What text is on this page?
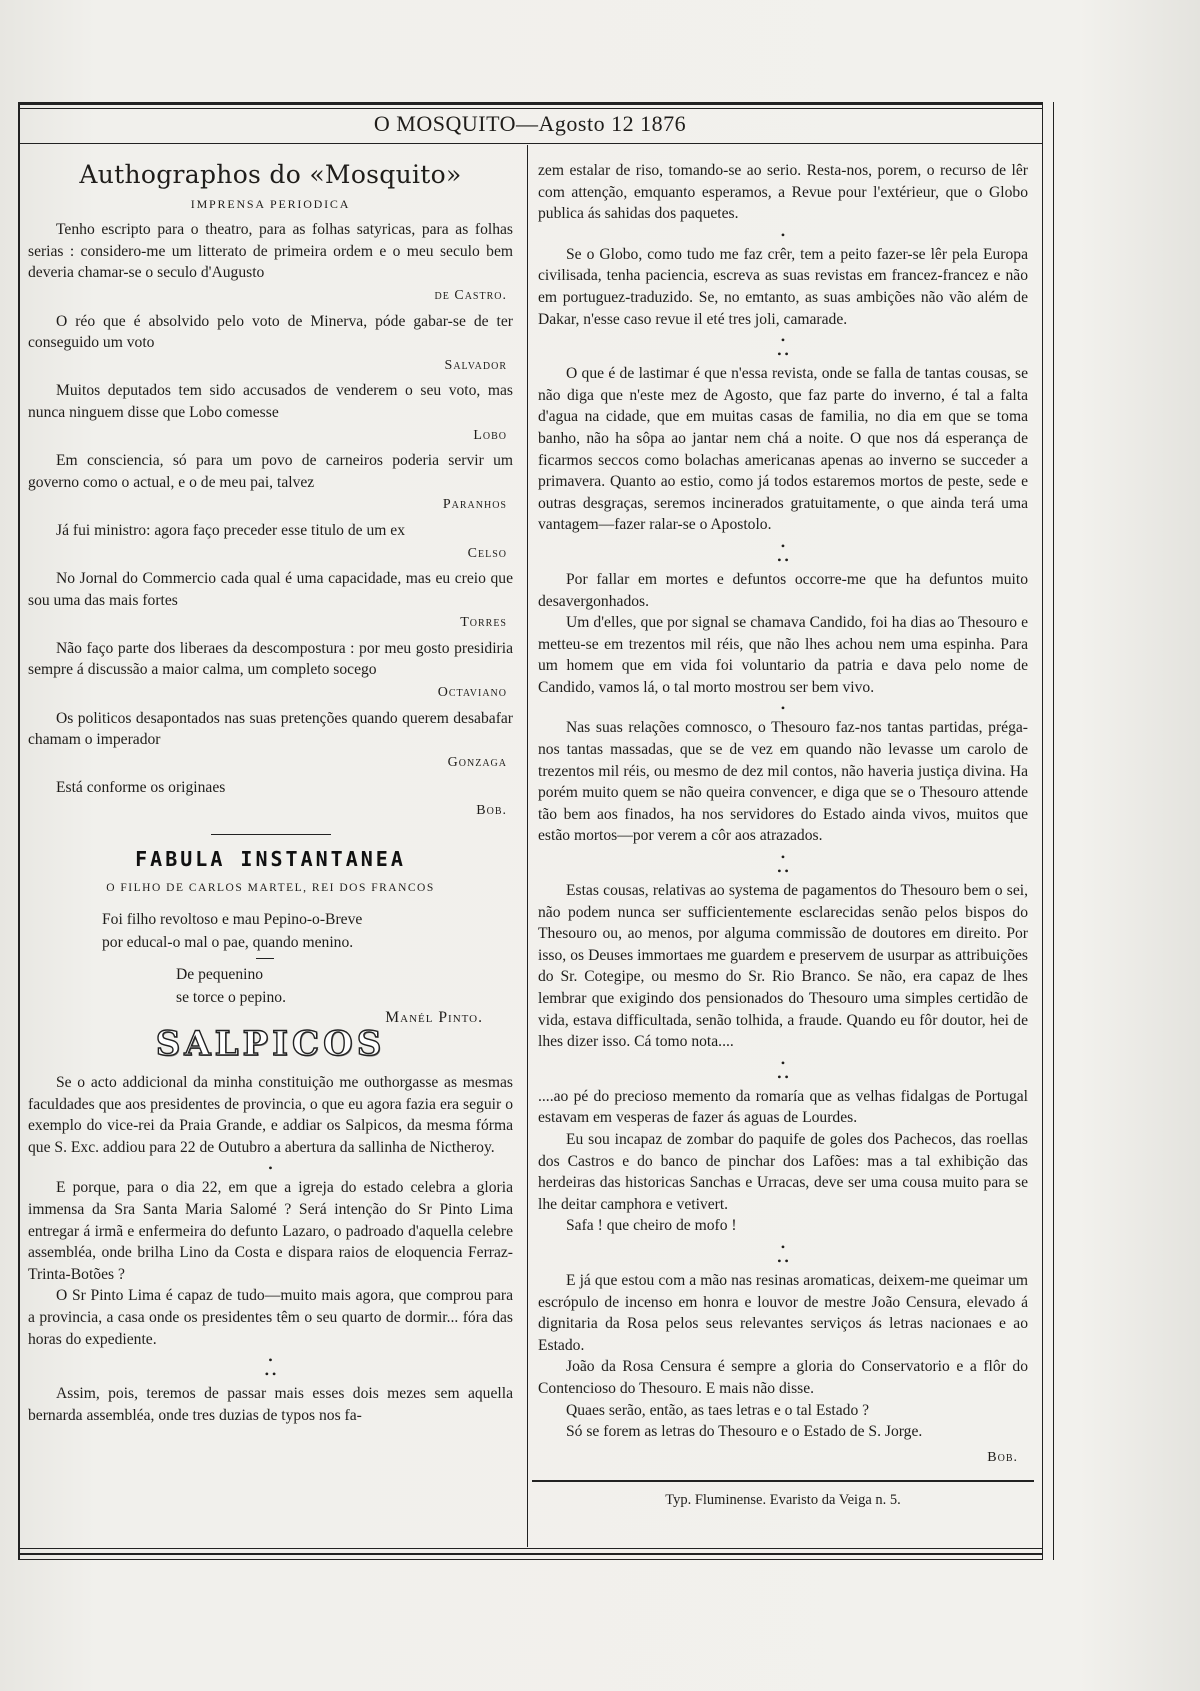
O MOSQUITO—Agosto 12 1876
Authographos do «Mosquito»
IMPRENSA PERIODICA

Tenho escripto para o theatro, para as folhas satyricas, para as folhas serias : considero-me um litterato de primeira ordem e o meu seculo bem deveria chamar-se o seculo d'Augusto

de Castro.

O réo que é absolvido pelo voto de Minerva, póde gabar-se de ter conseguido um voto

Salvador

Muitos deputados tem sido accusados de venderem o seu voto, mas nunca ninguem disse que Lobo comesse

Lobo

Em consciencia, só para um povo de carneiros poderia servir um governo como o actual, e o de meu pai, talvez

Paranhos

Já fui ministro: agora faço preceder esse titulo de um ex

Celso

No Jornal do Commercio cada qual é uma capacidade, mas eu creio que sou uma das mais fortes

Torres

Não faço parte dos liberaes da descompostura : por meu gosto presidiria sempre á discussão a maior calma, um completo socego

Octaviano

Os politicos desapontados nas suas pretenções quando querem desabafar chamam o imperador

Gonzaga

Está conforme os originaes

Bob.
FABULA INSTANTANEA
O FILHO DE CARLOS MARTEL, REI DOS FRANCOS
Foi filho revoltoso e mau Pepino-o-Breve
por educal-o mal o pae, quando menino.
De pequenino
se torce o pepino.
Manél Pinto.
SALPICOS

Se o acto addicional da minha constituição me outhorgasse as mesmas faculdades que aos presidentes de provincia, o que eu agora fazia era seguir o exemplo do vice-rei da Praia Grande, e addiar os Salpicos, da mesma fórma que S. Exc. addiou para 22 de Outubro a abertura da sallinha de Nictheroy.

•

E porque, para o dia 22, em que a igreja do estado celebra a gloria immensa da Sra Santa Maria Salomé ? Será intenção do Sr Pinto Lima entregar á irmã e enfermeira do defunto Lazaro, o padroado d'aquella celebre assembléa, onde brilha Lino da Costa e dispara raios de eloquencia Ferraz-Trinta-Botões ?

O Sr Pinto Lima é capaz de tudo—muito mais agora, que comprou para a provincia, a casa onde os presidentes têm o seu quarto de dormir... fóra das horas do expediente.

•
• •

Assim, pois, teremos de passar mais esses dois mezes sem aquella bernarda assembléa, onde tres duzias de typos nos fa-

zem estalar de riso, tomando-se ao serio. Resta-nos, porem, o recurso de lêr com attenção, emquanto esperamos, a Revue pour l'extérieur, que o Globo publica ás sahidas dos paquetes.

•

Se o Globo, como tudo me faz crêr, tem a peito fazer-se lêr pela Europa civilisada, tenha paciencia, escreva as suas revistas em francez-francez e não em portuguez-traduzido. Se, no emtanto, as suas ambições não vão além de Dakar, n'esse caso revue il eté tres joli, camarade.

•
• •

O que é de lastimar é que n'essa revista, onde se falla de tantas cousas, se não diga que n'este mez de Agosto, que faz parte do inverno, é tal a falta d'agua na cidade, que em muitas casas de familia, no dia em que se toma banho, não ha sôpa ao jantar nem chá a noite. O que nos dá esperança de ficarmos seccos como bolachas americanas apenas ao inverno se succeder a primavera. Quanto ao estio, como já todos estaremos mortos de peste, sede e outras desgraças, seremos incinerados gratuitamente, o que ainda terá uma vantagem—fazer ralar-se o Apostolo.

•
• •

Por fallar em mortes e defuntos occorre-me que ha defuntos muito desavergonhados.

Um d'elles, que por signal se chamava Candido, foi ha dias ao Thesouro e metteu-se em trezentos mil réis, que não lhes achou nem uma espinha. Para um homem que em vida foi voluntario da patria e dava pelo nome de Candido, vamos lá, o tal morto mostrou ser bem vivo.

•

Nas suas relações comnosco, o Thesouro faz-nos tantas partidas, préga-nos tantas massadas, que se de vez em quando não levasse um carolo de trezentos mil réis, ou mesmo de dez mil contos, não haveria justiça divina. Ha porém muito quem se não queira convencer, e diga que se o Thesouro attende tão bem aos finados, ha nos servidores do Estado ainda vivos, muitos que estão mortos—por verem a côr aos atrazados.

•
• •

Estas cousas, relativas ao systema de pagamentos do Thesouro bem o sei, não podem nunca ser sufficientemente esclarecidas senão pelos bispos do Thesouro ou, ao menos, por alguma commissão de doutores em direito. Por isso, os Deuses immortaes me guardem e preservem de usurpar as attribuições do Sr. Cotegipe, ou mesmo do Sr. Rio Branco. Se não, era capaz de lhes lembrar que exigindo dos pensionados do Thesouro uma simples certidão de vida, estava difficultada, senão tolhida, a fraude. Quando eu fôr doutor, hei de lhes dizer isso. Cá tomo nota....

•
• •

....ao pé do precioso memento da romaría que as velhas fidalgas de Portugal estavam em vesperas de fazer ás aguas de Lourdes.

Eu sou incapaz de zombar do paquife de goles dos Pachecos, das roellas dos Castros e do banco de pinchar dos Lafões: mas a tal exhibição das herdeiras das historicas Sanchas e Urracas, deve ser uma cousa muito para se lhe deitar camphora e vetivert.

Safa ! que cheiro de mofo !

•
• •

E já que estou com a mão nas resinas aromaticas, deixem-me queimar um escrópulo de incenso em honra e louvor de mestre João Censura, elevado á dignitaria da Rosa pelos seus relevantes serviços ás letras nacionaes e ao Estado.

João da Rosa Censura é sempre a gloria do Conservatorio e a flôr do Contencioso do Thesouro. E mais não disse.

Quaes serão, então, as taes letras e o tal Estado ?

Só se forem as letras do Thesouro e o Estado de S. Jorge.

Bob.
Typ. Fluminense. Evaristo da Veiga n. 5.
